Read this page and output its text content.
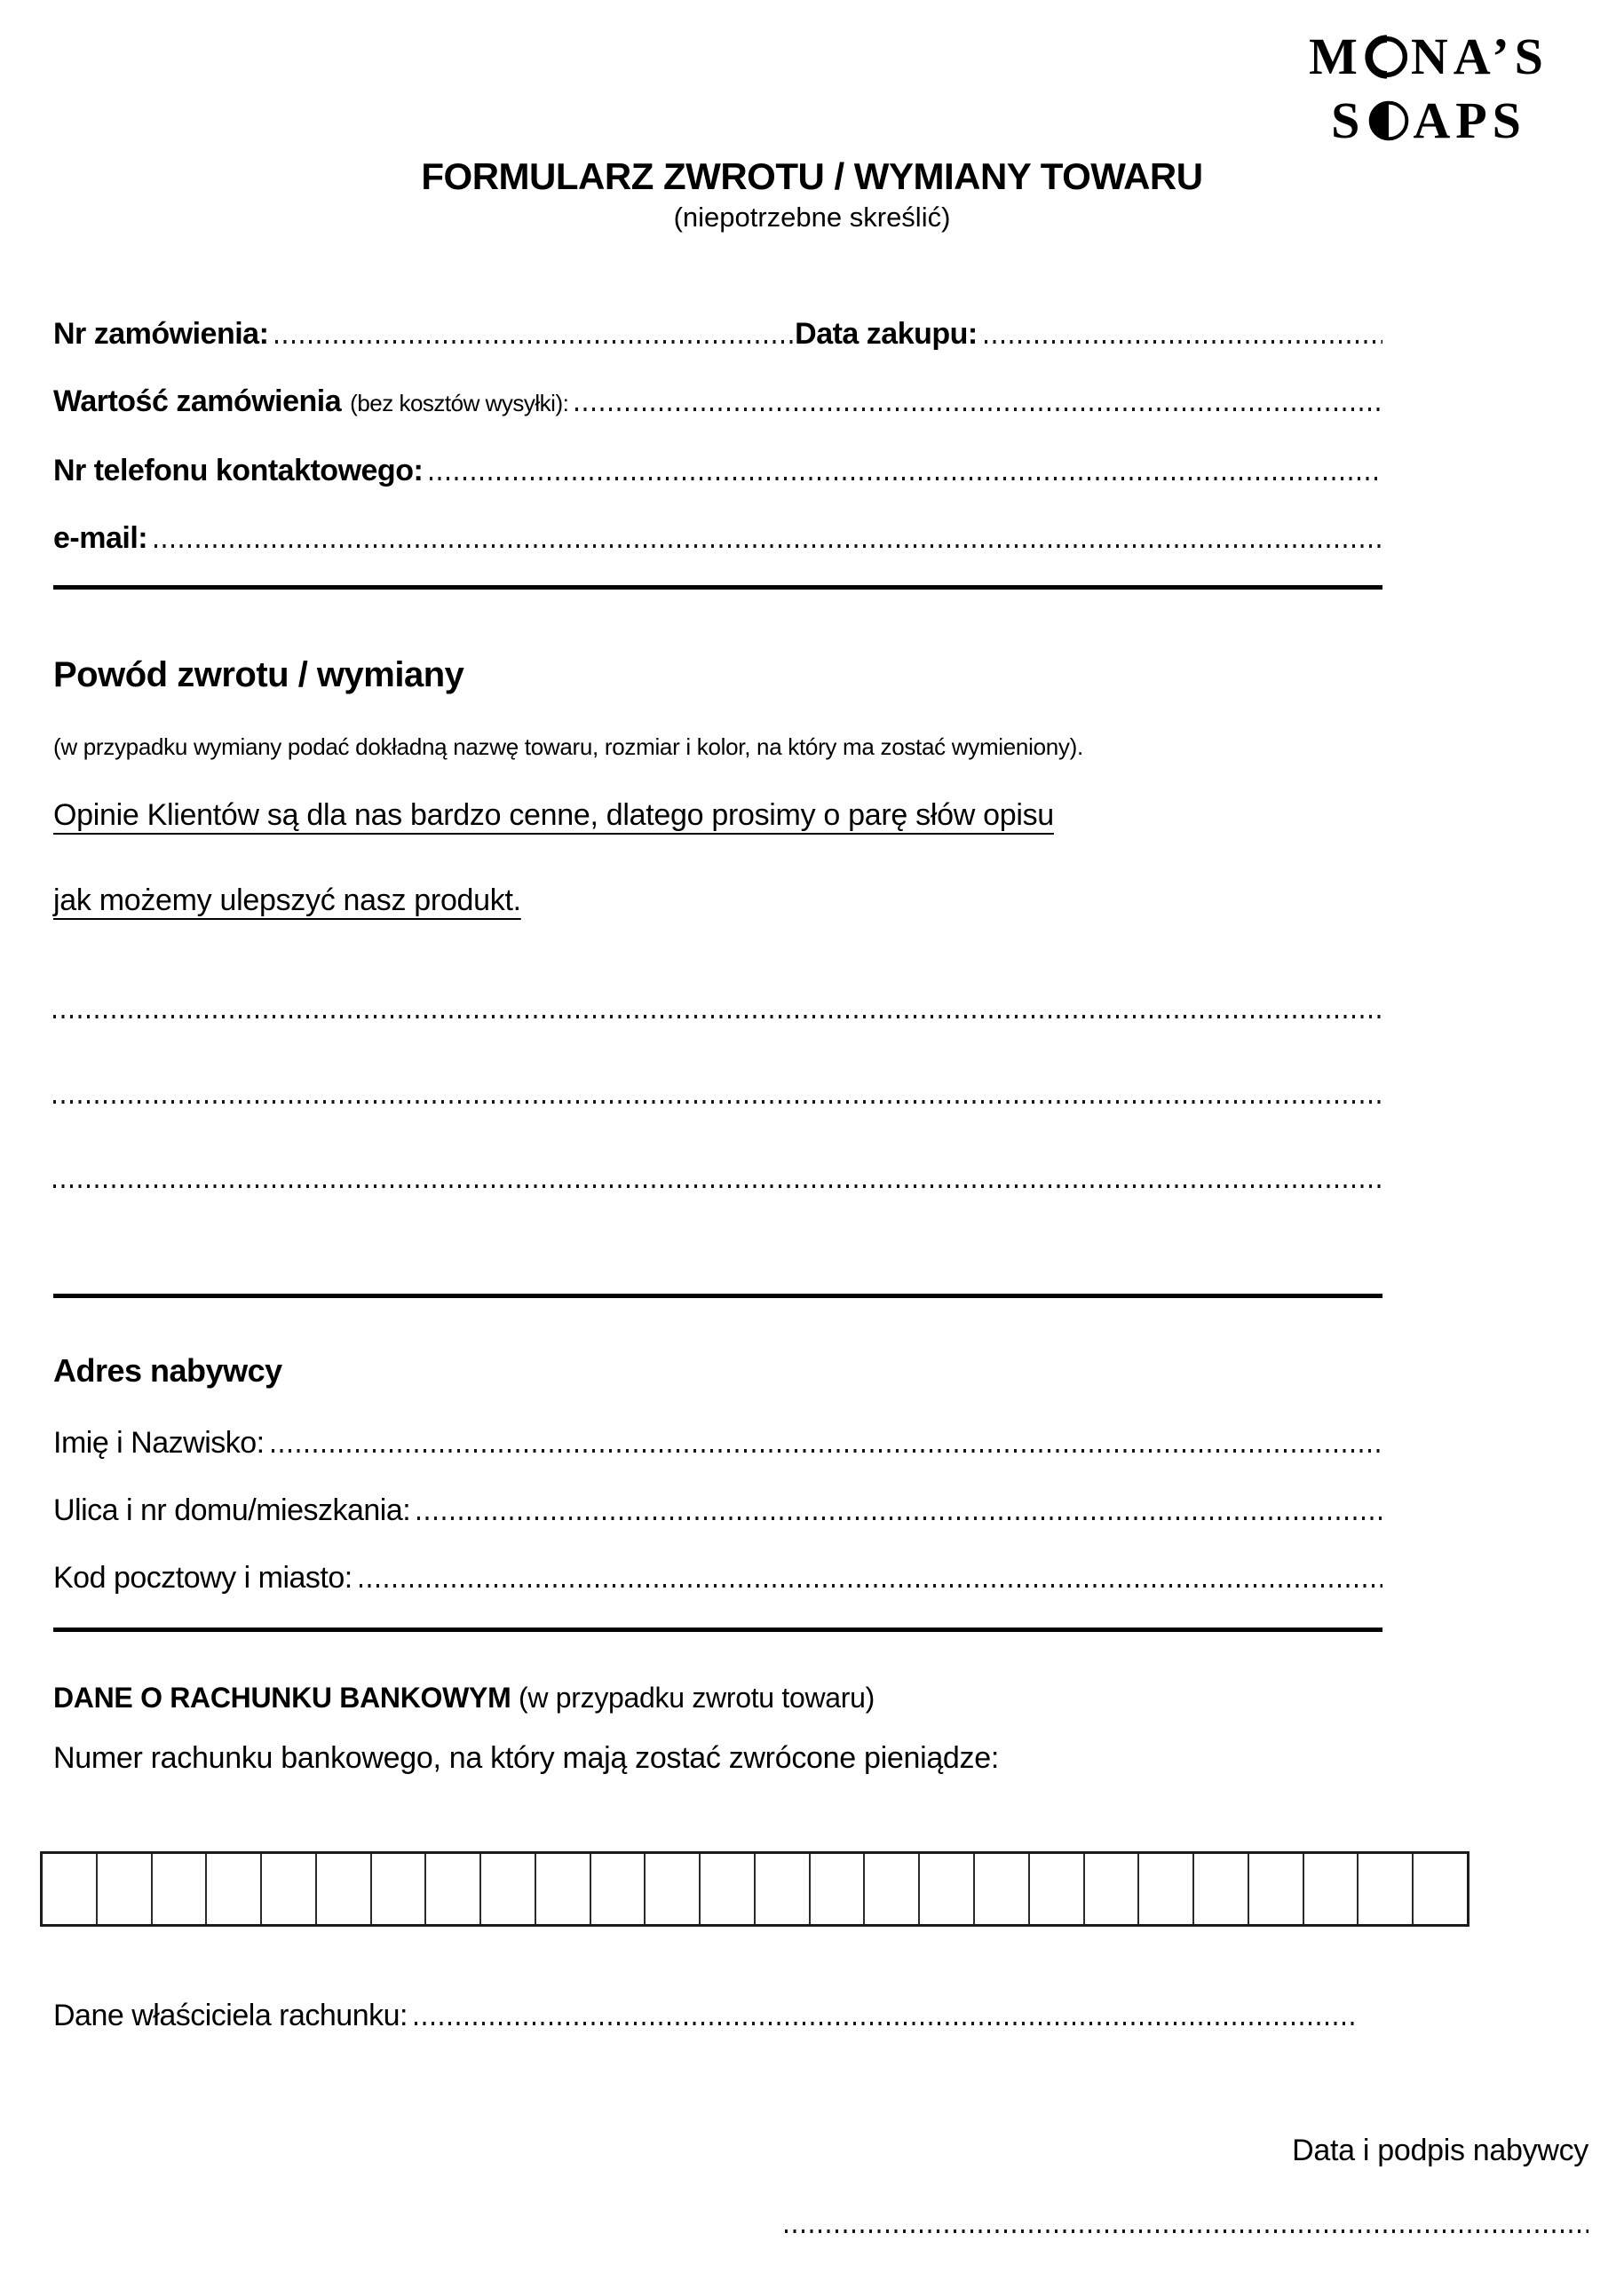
M NA’S
S APS
FORMULARZ ZWROTU / WYMIANY TOWARU
(niepotrzebne skreślić)
Nr zamówienia:	Data zakupu:
Wartość zamówienia (bez kosztów wysyłki):
Nr telefonu kontaktowego:
e-mail:
Powód zwrotu / wymiany
(w przypadku wymiany podać dokładną nazwę towaru, rozmiar i kolor, na który ma zostać wymieniony).
Opinie Klientów są dla nas bardzo cenne, dlatego prosimy o parę słów opisu
jak możemy ulepszyć nasz produkt.
Adres nabywcy
Imię i Nazwisko:
Ulica i nr domu/mieszkania:
Kod pocztowy i miasto:
DANE O RACHUNKU BANKOWYM (w przypadku zwrotu towaru)
Numer rachunku bankowego, na który mają zostać zwrócone pieniądze:
Dane właściciela rachunku:
Data i podpis nabywcy
